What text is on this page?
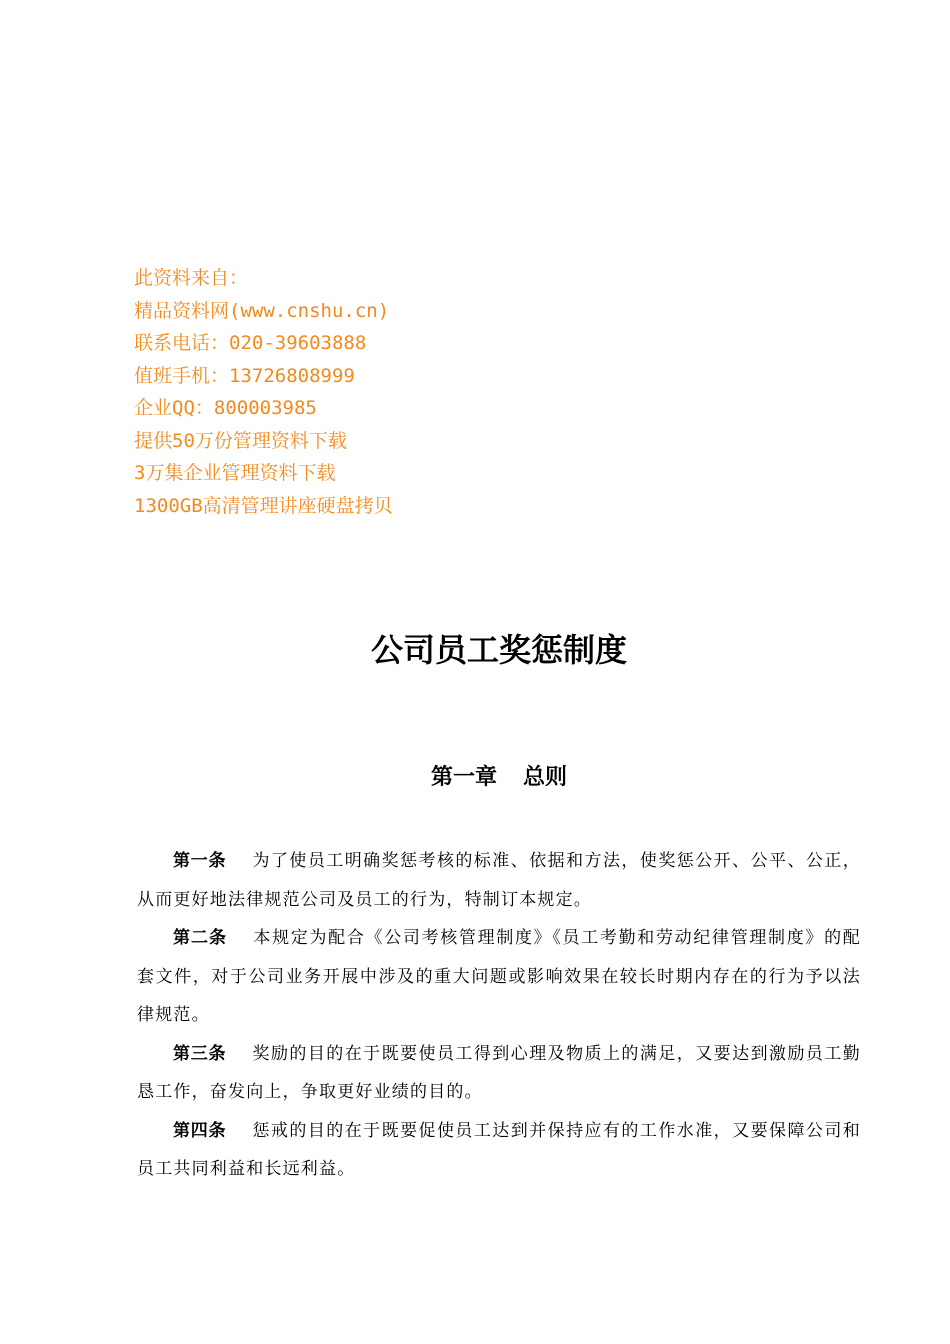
此资料来自：

精品资料网(www.cnshu.cn)

联系电话：020-39603888

值班手机：13726808999

企业QQ：800003985

提供50万份管理资料下载

3万集企业管理资料下载

1300GB高清管理讲座硬盘拷贝

公司员工奖惩制度
第一章 总则

第一条 为了使员工明确奖惩考核的标准、依据和方法，使奖惩公开、公平、公正，从而更好地法律规范公司及员工的行为，特制订本规定。

第二条 本规定为配合《公司考核管理制度》《员工考勤和劳动纪律管理制度》的配套文件，对于公司业务开展中涉及的重大问题或影响效果在较长时期内存在的行为予以法律规范。

第三条 奖励的目的在于既要使员工得到心理及物质上的满足，又要达到激励员工勤恳工作，奋发向上，争取更好业绩的目的。

第四条 惩戒的目的在于既要促使员工达到并保持应有的工作水准，又要保障公司和员工共同利益和长远利益。
